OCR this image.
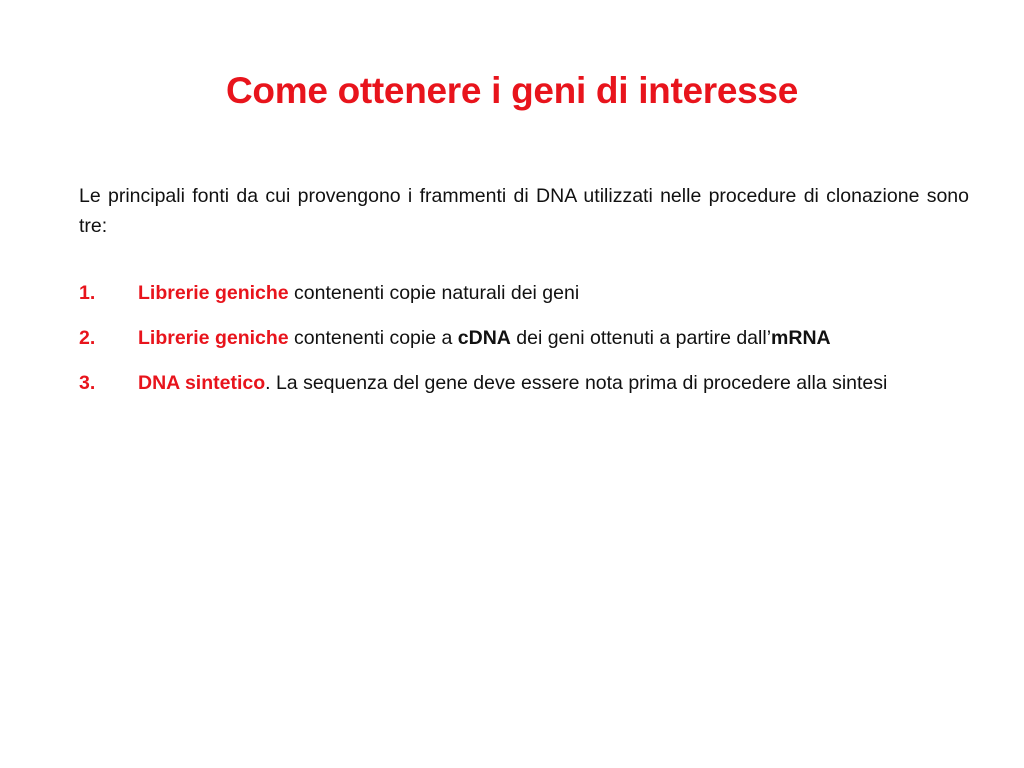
Come ottenere i geni di interesse

Le principali fonti da cui provengono i frammenti di DNA utilizzati nelle procedure di clonazione sono tre:

1.	Librerie geniche contenenti copie naturali dei geni
2.	Librerie geniche contenenti copie a cDNA dei geni ottenuti a partire dall’mRNA
3.	DNA sintetico. La sequenza del gene deve essere nota prima di procedere alla sintesi
